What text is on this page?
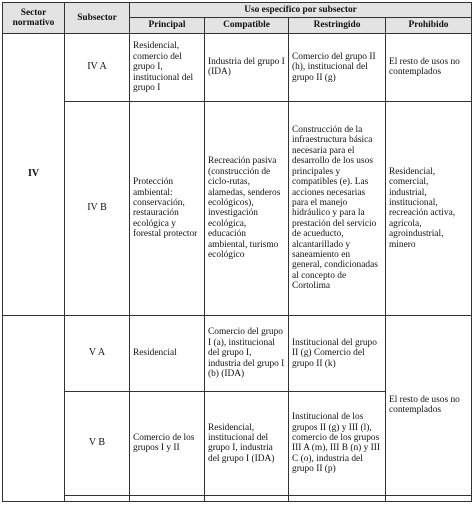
Sector normativo	Subsector	Uso específico por subsector			
		Principal	Compatible	Restringido	Prohibido
IV	IV A	Residencial, comercio del grupo I, institucional del grupo I	Industria del grupo I (IDA)	Comercio del grupo II (h), institucional del grupo II (g)	El resto de usos no contemplados
	IV B	Protección ambiental: conservación, restauración ecológica y forestal protector	Recreación pasiva (construcción de ciclo-rutas, alamedas, senderos ecológicos), investigación ecológica, educación ambiental, turismo ecológico	Construcción de la infraestructura básica necesaria para el desarrollo de los usos principales y compatibles (e). Las acciones necesarias para el manejo hidráulico y para la prestación del servicio de acueducto, alcantarillado y saneamiento en general, condicionadas al concepto de Cortolima	Residencial, comercial, industrial, institucional, recreación activa, agrícola, agroindustrial, minero
	V A	Residencial	Comercio del grupo I (a), institucional del grupo I, industria del grupo I (b) (IDA)	Institucional del grupo II (g) Comercio del grupo II (k)	El resto de usos no contemplados
	V B	Comercio de los grupos I y II	Residencial, institucional del grupo I, industria del grupo I (IDA)	Institucional de los grupos II (g) y III (l), comercio de los grupos III A (m), III B (n) y III C (o), industria del grupo II (p)	
